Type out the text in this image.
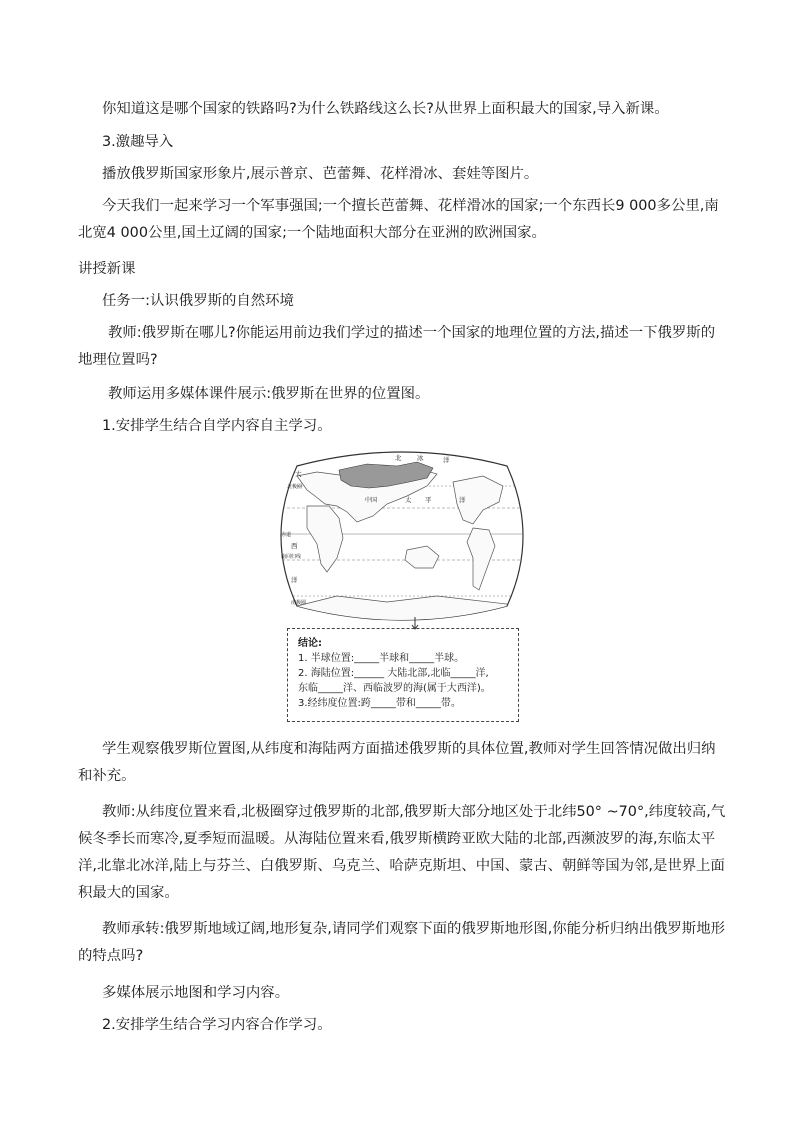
你知道这是哪个国家的铁路吗?为什么铁路线这么长?从世界上面积最大的国家,导入新课。

3.激趣导入

播放俄罗斯国家形象片,展示普京、芭蕾舞、花样滑冰、套娃等图片。

今天我们一起来学习一个军事强国;一个擅长芭蕾舞、花样滑冰的国家;一个东西长9 000多公里,南北宽4 000公里,国土辽阔的国家;一个陆地面积大部分在亚洲的欧洲国家。

讲授新课

任务一:认识俄罗斯的自然环境

教师:俄罗斯在哪儿?你能运用前边我们学过的描述一个国家的地理位置的方法,描述一下俄罗斯的地理位置吗?

教师运用多媒体课件展示:俄罗斯在世界的位置图。

1.安排学生结合自学内容自主学习。

北 冰	洋
大
北极圈
中国	太 平	洋
西
赤道
南回归线
洋
南极圈
结论:
1. 半球位置:_____半球和_____半球。
2. 海陆位置:______ 大陆北部,北临_____洋,
东临_____洋、西临波罗的海(属于大西洋)。
3.经纬度位置:跨_____带和_____带。

学生观察俄罗斯位置图,从纬度和海陆两方面描述俄罗斯的具体位置,教师对学生回答情况做出归纳和补充。

教师:从纬度位置来看,北极圈穿过俄罗斯的北部,俄罗斯大部分地区处于北纬50° ~70°,纬度较高,气候冬季长而寒冷,夏季短而温暖。从海陆位置来看,俄罗斯横跨亚欧大陆的北部,西濒波罗的海,东临太平洋,北靠北冰洋,陆上与芬兰、白俄罗斯、乌克兰、哈萨克斯坦、中国、蒙古、朝鲜等国为邻,是世界上面积最大的国家。

教师承转:俄罗斯地域辽阔,地形复杂,请同学们观察下面的俄罗斯地形图,你能分析归纳出俄罗斯地形的特点吗?

多媒体展示地图和学习内容。

2.安排学生结合学习内容合作学习。
